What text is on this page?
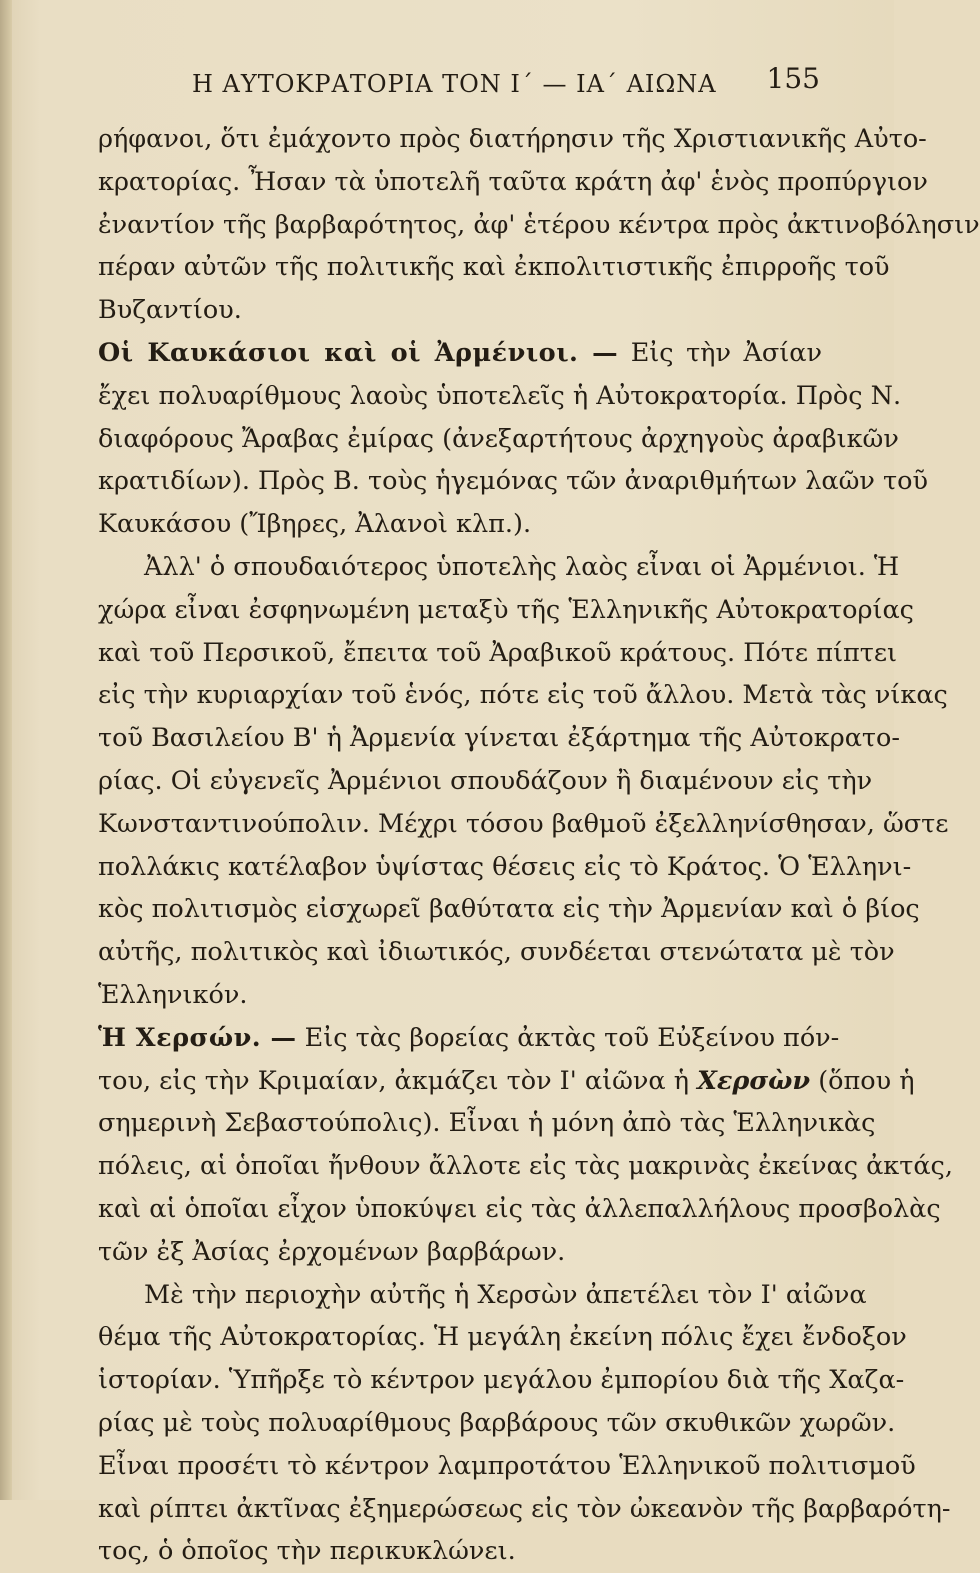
Η ΑΥΤΟΚΡΑΤΟΡΙΑ ΤΟΝ Ι΄ — ΙΑ΄ ΑΙΩΝΑ 155
ρήφανοι, ὅτι ἐμάχοντο πρὸς διατήρησιν τῆς Χριστιανικῆς Αὐτο-
κρατορίας. Ἦσαν τὰ ὑποτελῆ ταῦτα κράτη ἀφ' ἑνὸς προπύργιον
ἐναντίον τῆς βαρβαρότητος, ἀφ' ἑτέρου κέντρα πρὸς ἀκτινοβόλησιν
πέραν αὐτῶν τῆς πολιτικῆς καὶ ἐκπολιτιστικῆς ἐπιρροῆς τοῦ
Βυζαντίου.
Οἱ Καυκάσιοι καὶ οἱ Ἀρμένιοι. — Εἰς τὴν Ἀσίαν
ἔχει πολυαρίθμους λαοὺς ὑποτελεῖς ἡ Αὐτοκρατορία. Πρὸς Ν.
διαφόρους Ἄραβας ἐμίρας (ἀνεξαρτήτους ἀρχηγοὺς ἀραβικῶν
κρατιδίων). Πρὸς Β. τοὺς ἡγεμόνας τῶν ἀναριθμήτων λαῶν τοῦ
Καυκάσου (Ἴβηρες, Ἀλανοὶ κλπ.).
Ἀλλ' ὁ σπουδαιότερος ὑποτελὴς λαὸς εἶναι οἱ Ἀρμένιοι. Ἡ
χώρα εἶναι ἐσφηνωμένη μεταξὺ τῆς Ἑλληνικῆς Αὐτοκρατορίας
καὶ τοῦ Περσικοῦ, ἔπειτα τοῦ Ἀραβικοῦ κράτους. Πότε πίπτει
εἰς τὴν κυριαρχίαν τοῦ ἑνός, πότε εἰς τοῦ ἄλλου. Μετὰ τὰς νίκας
τοῦ Βασιλείου Β' ἡ Ἀρμενία γίνεται ἐξάρτημα τῆς Αὐτοκρατο-
ρίας. Οἱ εὐγενεῖς Ἀρμένιοι σπουδάζουν ἢ διαμένουν εἰς τὴν
Κωνσταντινούπολιν. Μέχρι τόσου βαθμοῦ ἐξελληνίσθησαν, ὥστε
πολλάκις κατέλαβον ὑψίστας θέσεις εἰς τὸ Κράτος. Ὁ Ἑλληνι-
κὸς πολιτισμὸς εἰσχωρεῖ βαθύτατα εἰς τὴν Ἀρμενίαν καὶ ὁ βίος
αὐτῆς, πολιτικὸς καὶ ἰδιωτικός, συνδέεται στενώτατα μὲ τὸν
Ἑλληνικόν.
Ἡ Χερσών. — Εἰς τὰς βορείας ἀκτὰς τοῦ Εὐξείνου πόν-
του, εἰς τὴν Κριμαίαν, ἀκμάζει τὸν Ι' αἰῶνα ἡ Χερσὼν (ὅπου ἡ
σημερινὴ Σεβαστούπολις). Εἶναι ἡ μόνη ἀπὸ τὰς Ἑλληνικὰς
πόλεις, αἱ ὁποῖαι ἤνθουν ἄλλοτε εἰς τὰς μακρινὰς ἐκείνας ἀκτάς,
καὶ αἱ ὁποῖαι εἶχον ὑποκύψει εἰς τὰς ἀλλεπαλλήλους προσβολὰς
τῶν ἐξ Ἀσίας ἐρχομένων βαρβάρων.
Μὲ τὴν περιοχὴν αὐτῆς ἡ Χερσὼν ἀπετέλει τὸν Ι' αἰῶνα
θέμα τῆς Αὐτοκρατορίας. Ἡ μεγάλη ἐκείνη πόλις ἔχει ἔνδοξον
ἱστορίαν. Ὑπῆρξε τὸ κέντρον μεγάλου ἐμπορίου διὰ τῆς Χαζα-
ρίας μὲ τοὺς πολυαρίθμους βαρβάρους τῶν σκυθικῶν χωρῶν.
Εἶναι προσέτι τὸ κέντρον λαμπροτάτου Ἑλληνικοῦ πολιτισμοῦ
καὶ ρίπτει ἀκτῖνας ἐξημερώσεως εἰς τὸν ὠκεανὸν τῆς βαρβαρότη-
τος, ὁ ὁποῖος τὴν περικυκλώνει.
